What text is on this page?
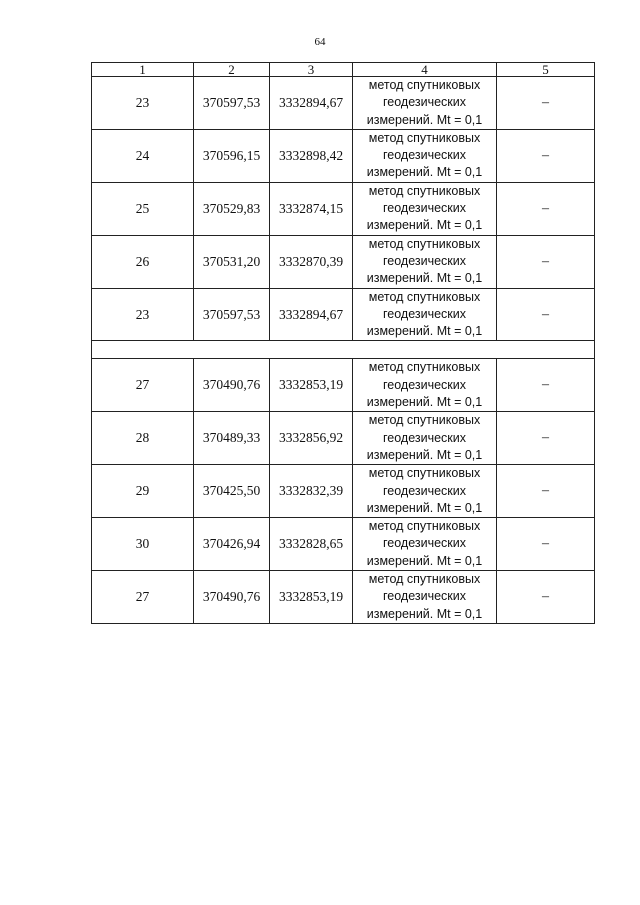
64
1	2	3	4	5
23	370597,53	3332894,67	метод спутниковых
геодезических
измерений. Mt = 0,1	–
24	370596,15	3332898,42	метод спутниковых
геодезических
измерений. Mt = 0,1	–
25	370529,83	3332874,15	метод спутниковых
геодезических
измерений. Mt = 0,1	–
26	370531,20	3332870,39	метод спутниковых
геодезических
измерений. Mt = 0,1	–
23	370597,53	3332894,67	метод спутниковых
геодезических
измерений. Mt = 0,1	–

27	370490,76	3332853,19	метод спутниковых
геодезических
измерений. Mt = 0,1	–
28	370489,33	3332856,92	метод спутниковых
геодезических
измерений. Mt = 0,1	–
29	370425,50	3332832,39	метод спутниковых
геодезических
измерений. Mt = 0,1	–
30	370426,94	3332828,65	метод спутниковых
геодезических
измерений. Mt = 0,1	–
27	370490,76	3332853,19	метод спутниковых
геодезических
измерений. Mt = 0,1	–
